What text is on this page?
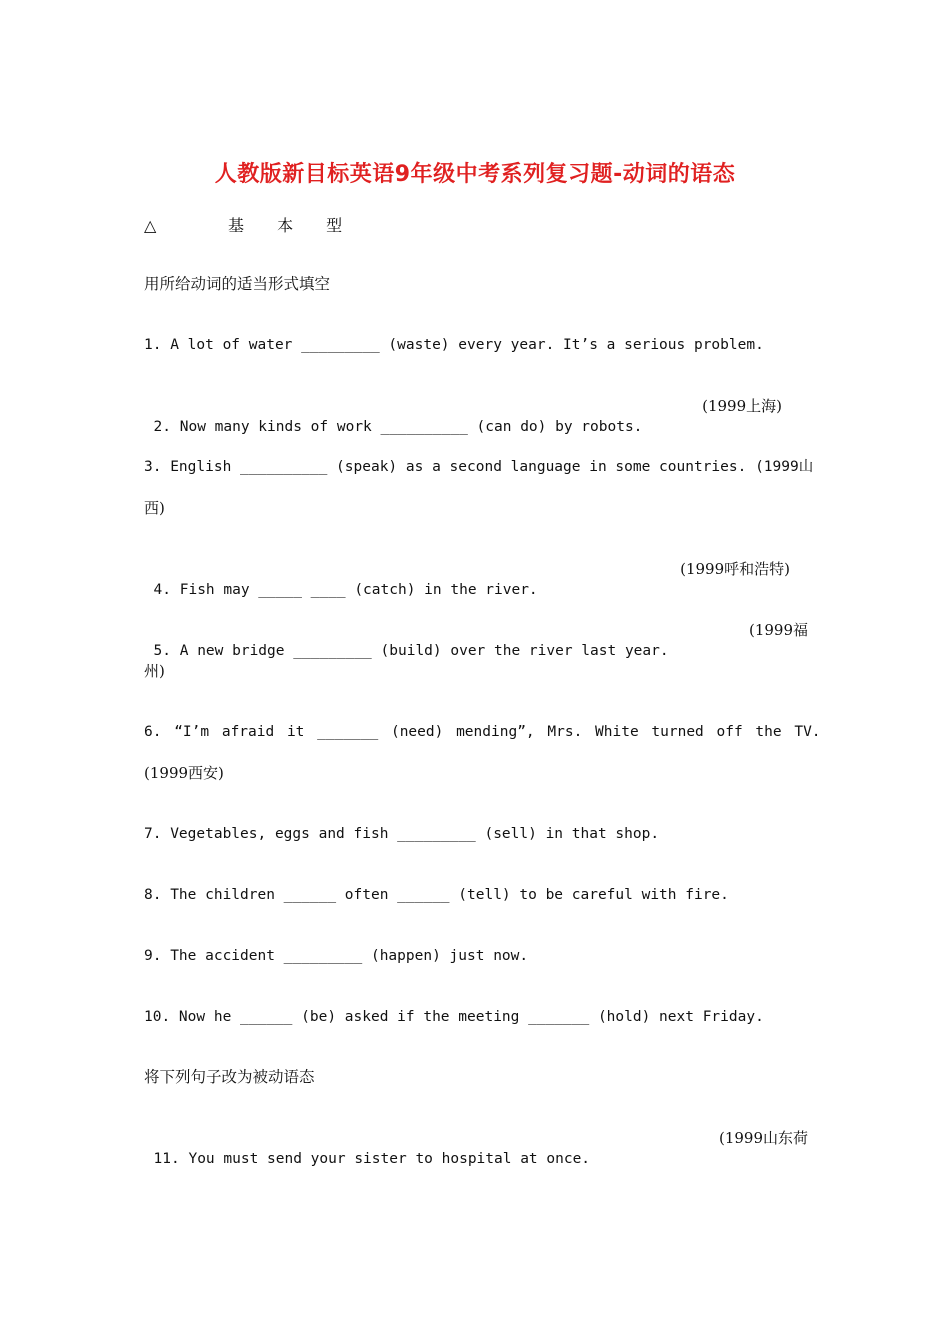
人教版新目标英语9年级中考系列复习题-动词的语态
△	基 本 型
用所给动词的适当形式填空
1. A lot of water _________ (waste) every year. It’s a serious problem.

2. Now many kinds of work __________ (can do) by robots.

(1999上海)

3. English __________ (speak) as a second language in some countries. (1999山
西)

4. Fish may _____ ____ (catch) in the river.

(1999呼和浩特)

5. A new bridge _________ (build) over the river last year.

(1999福

州)
6. “I’m afraid it _______ (need) mending”, Mrs. White turned off the TV.
(1999西安)
7. Vegetables, eggs and fish _________ (sell) in that shop.
8. The children ______ often ______ (tell) to be careful with fire.
9. The accident _________ (happen) just now.
10. Now he ______ (be) asked if the meeting _______ (hold) next Friday.
将下列句子改为被动语态

11. You must send your sister to hospital at once.

(1999山东荷
